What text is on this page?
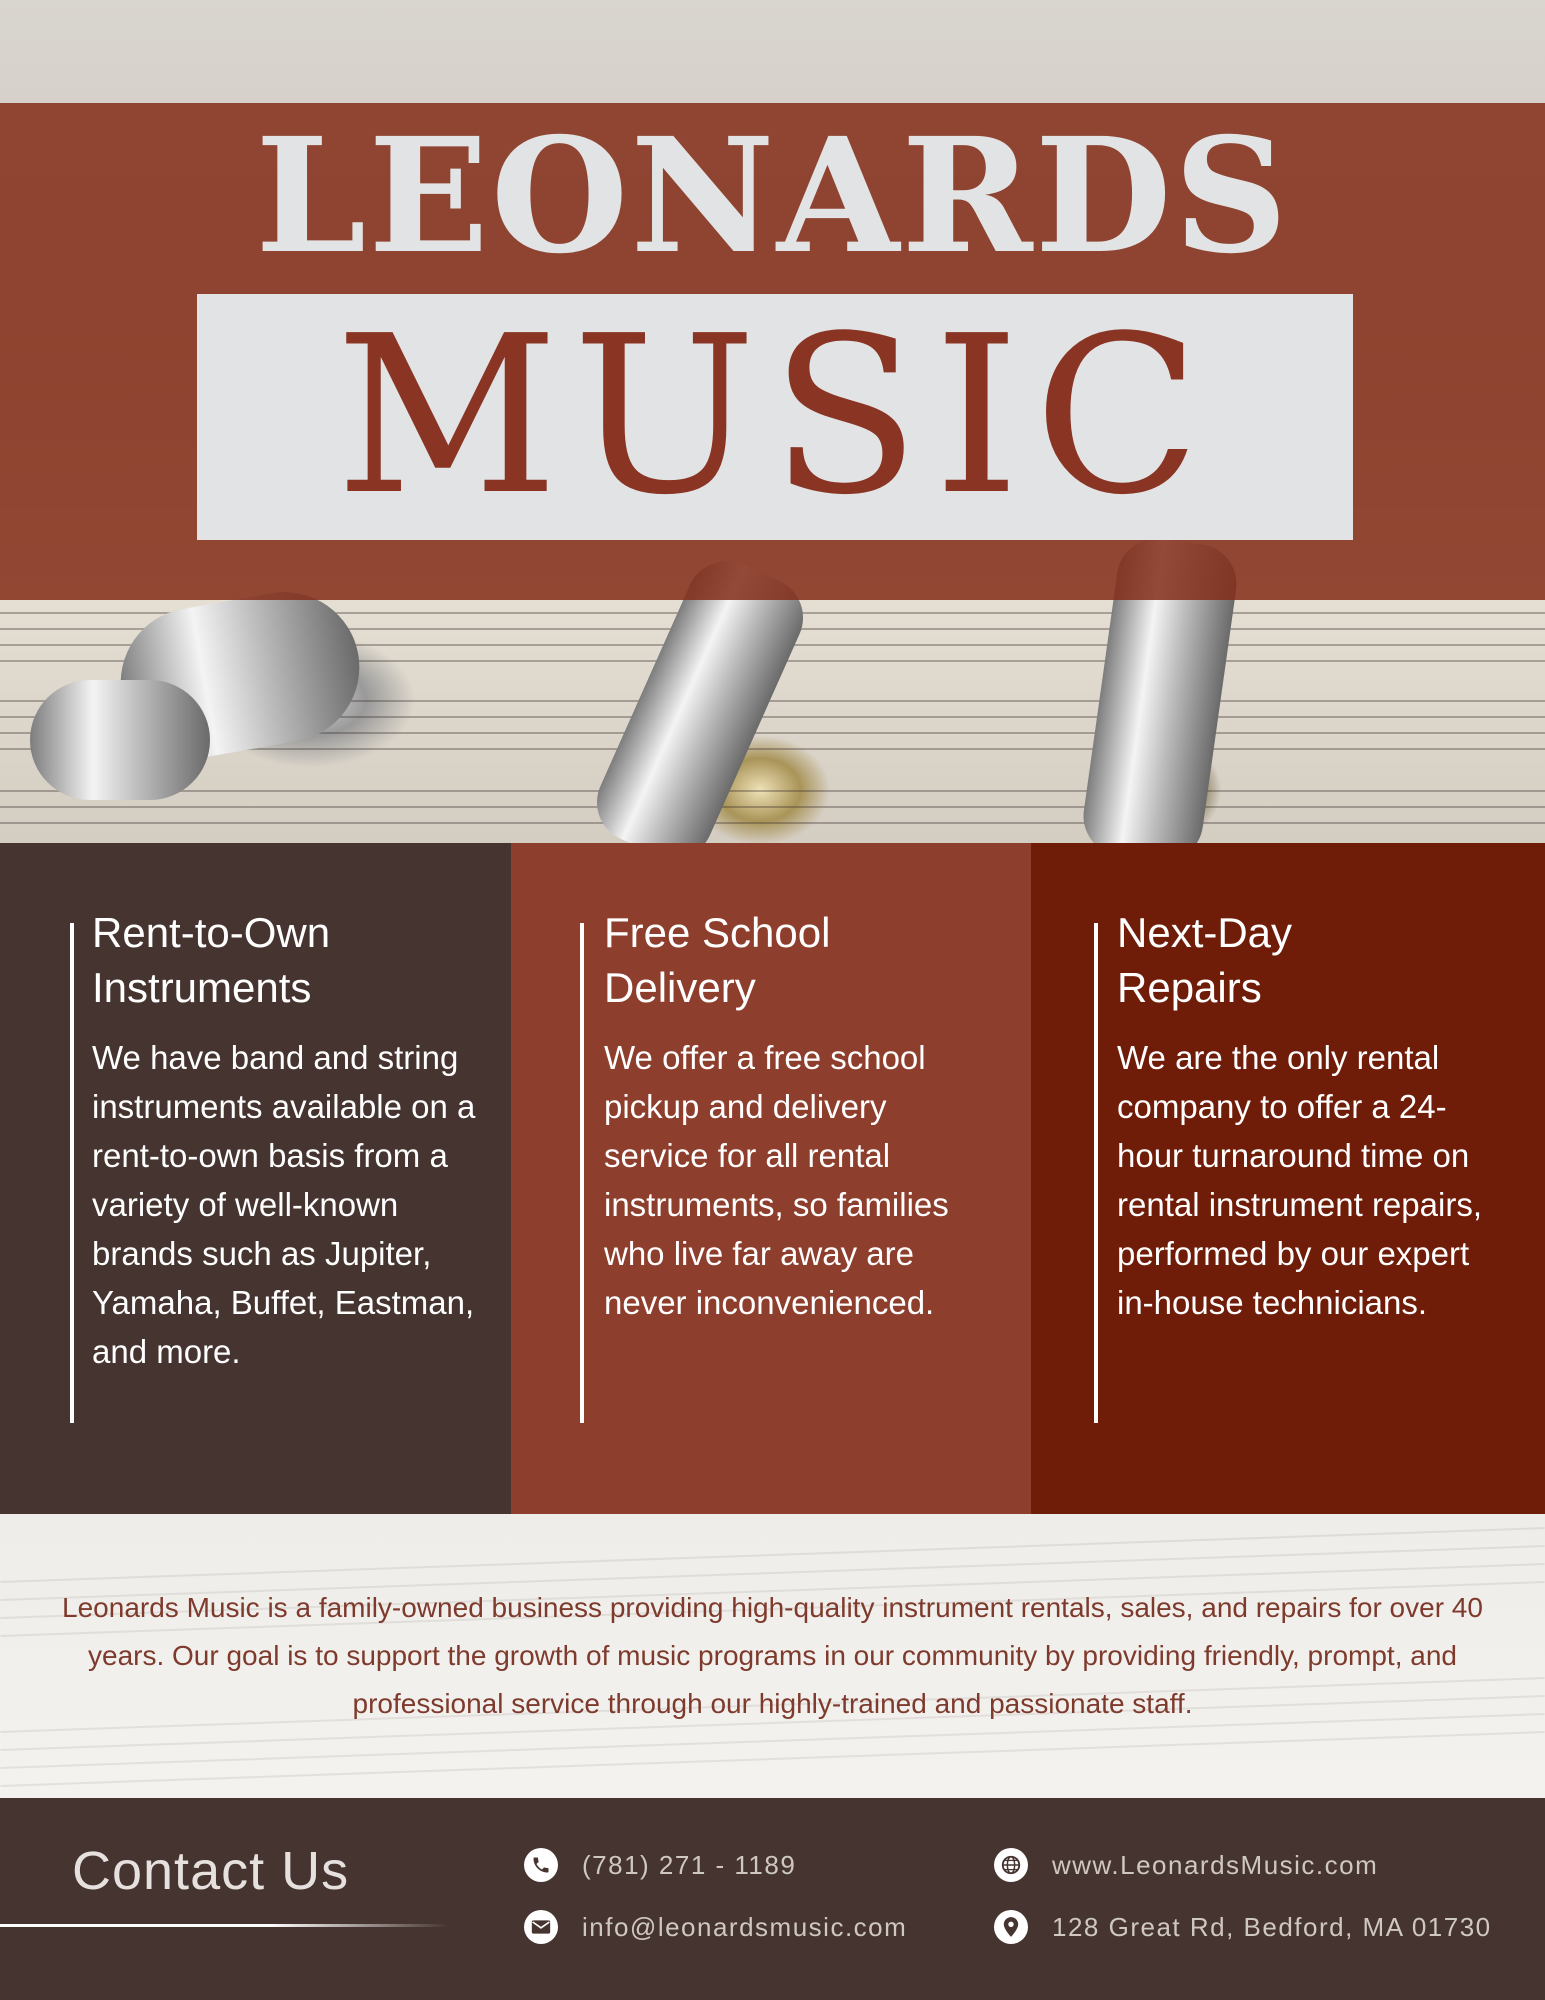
LEONARDS
MUSIC
Rent-to-Own
Instruments

We have band and string instruments available on a rent-to-own basis from a variety of well-known brands such as Jupiter, Yamaha, Buffet, Eastman, and more.

Free School
Delivery

We offer a free school pickup and delivery service for all rental instruments, so families who live far away are never inconvenienced.

Next-Day
Repairs

We are the only rental company to offer a 24-hour turnaround time on rental instrument repairs, performed by our expert in-house technicians.

Leonards Music is a family-owned business providing high-quality instrument rentals, sales, and repairs for over 40 years. Our goal is to support the growth of music programs in our community by providing friendly, prompt, and professional service through our highly-trained and passionate staff.

Contact Us	(781) 271 - 1189
info@leonardsmusic.com
www.LeonardsMusic.com
128 Great Rd, Bedford, MA 01730
